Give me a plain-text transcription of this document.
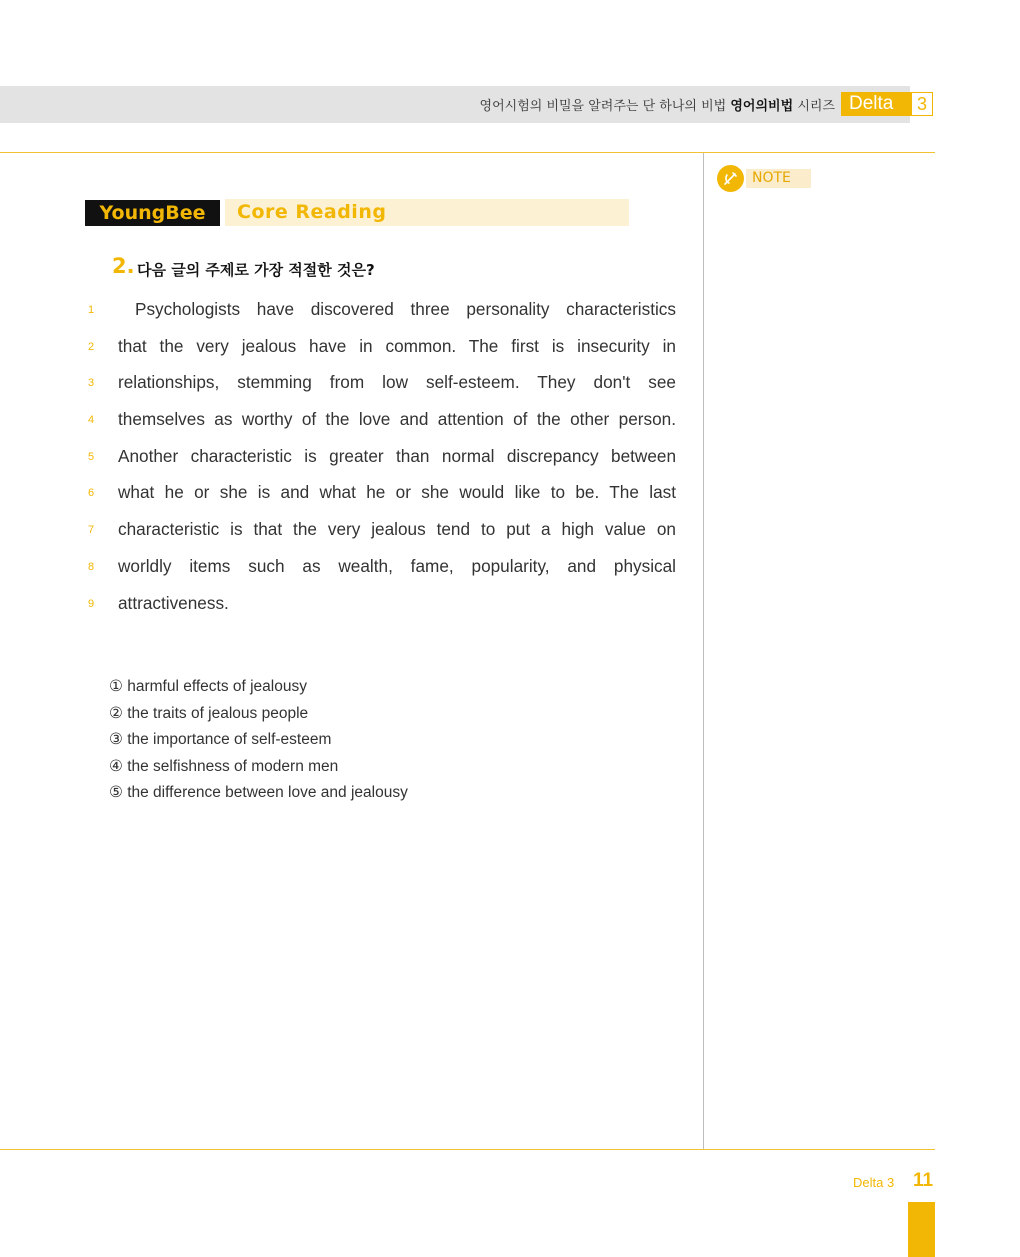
영어시험의 비밀을 알려주는 단 하나의 비법 영어의비법 시리즈 Delta	3
NOTE
YoungBee	Core Reading
2. 다음 글의 주제로 가장 적절한 것은?
1	Psychologists have discovered three personality characteristics
2	that the very jealous have in common. The first is insecurity in
3	relationships, stemming from low self-esteem. They don't see
4	themselves as worthy of the love and attention of the other person.
5	Another characteristic is greater than normal discrepancy between
6	what he or she is and what he or she would like to be. The last
7	characteristic is that the very jealous tend to put a high value on
8	worldly items such as wealth, fame, popularity, and physical
9	attractiveness.
① harmful effects of jealousy
② the traits of jealous people
③ the importance of self-esteem
④ the selfishness of modern men
⑤ the difference between love and jealousy
Delta 3 11
